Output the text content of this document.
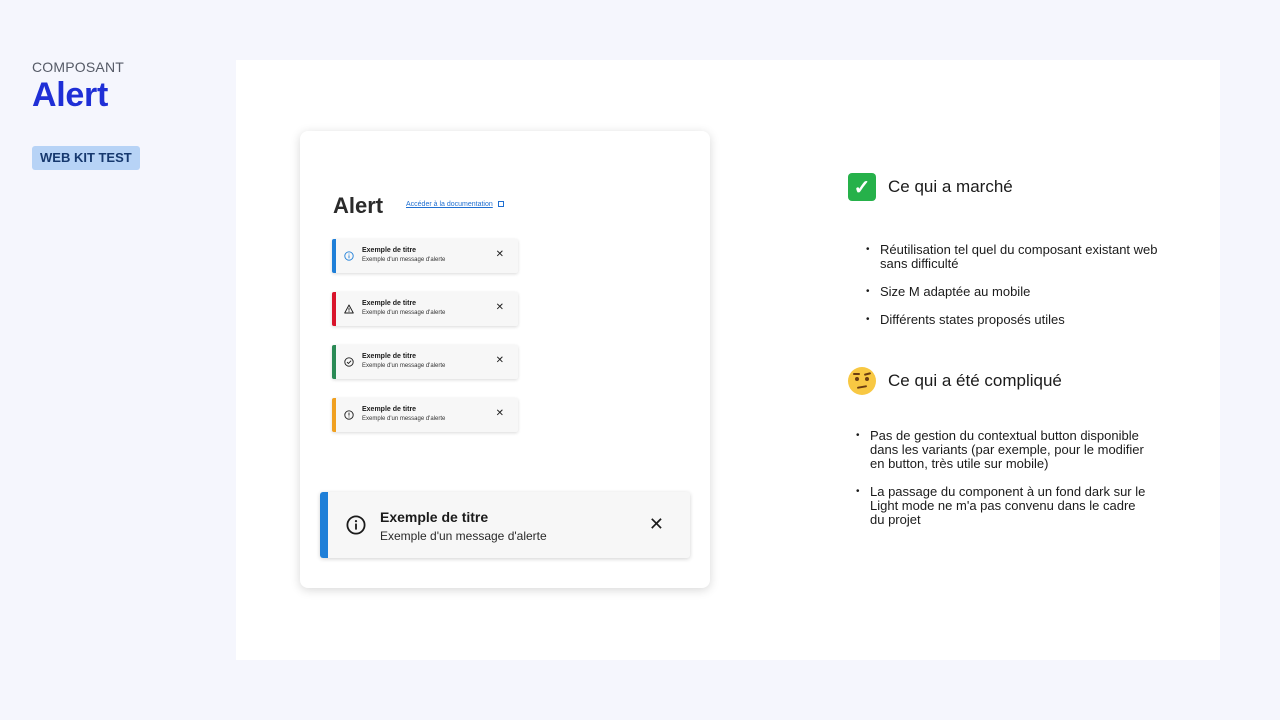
COMPOSANT
Alert
WEB KIT TEST
Alert	Accéder à la documentation
Exemple de titre
Exemple d'un message d'alerte	✕
Exemple de titre
Exemple d'un message d'alerte	✕
Exemple de titre
Exemple d'un message d'alerte	✕
Exemple de titre
Exemple d'un message d'alerte	✕
Exemple de titre
Exemple d'un message d'alerte
✕
✓	Ce qui a marché
• Réutilisation tel quel du composant existant web sans difficulté
• Size M adaptée au mobile
• Différents states proposés utiles
Ce qui a été compliqué
• Pas de gestion du contextual button disponible dans les variants (par exemple, pour le modifier en button, très utile sur mobile)
• La passage du component à un fond dark sur le Light mode ne m'a pas convenu dans le cadre du projet
